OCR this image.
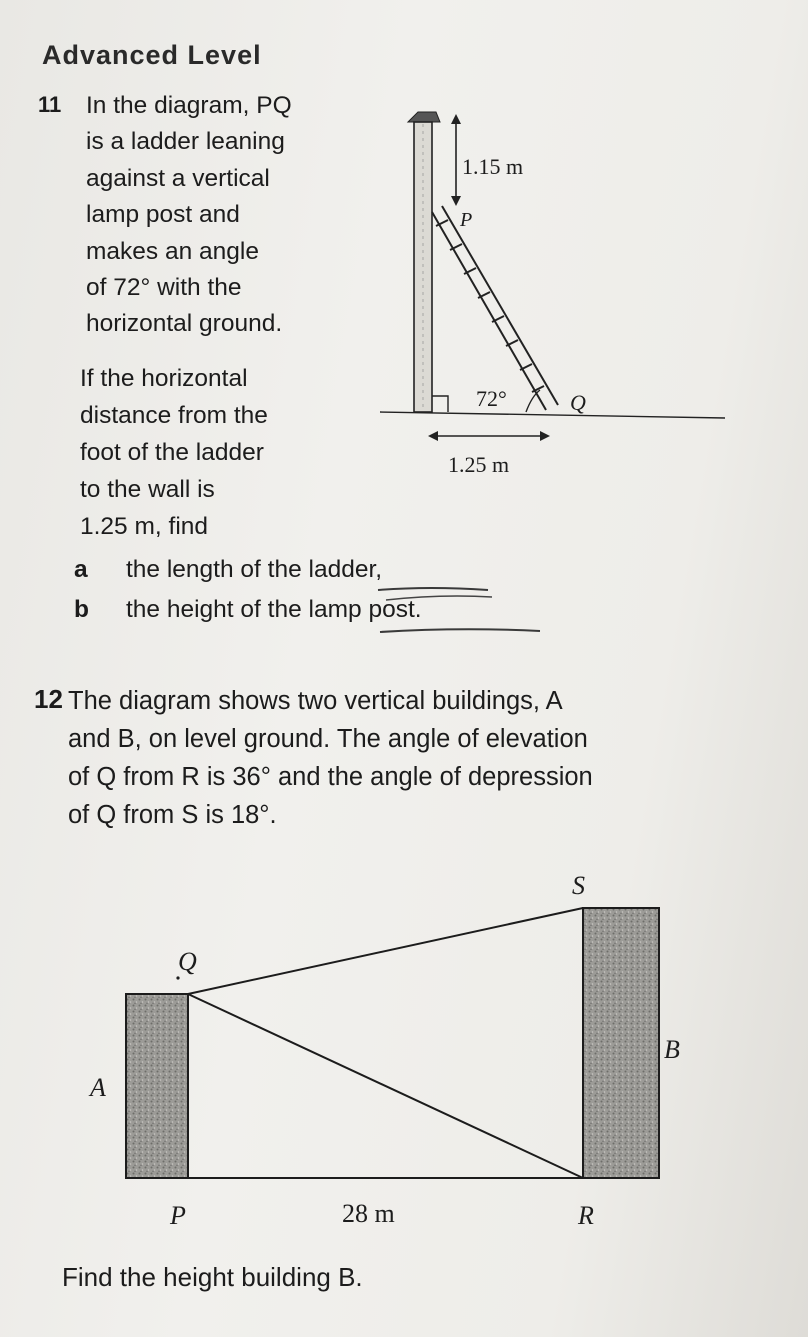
Advanced Level
11 In the diagram, PQ
is a ladder leaning
against a vertical
lamp post and
makes an angle
of 72° with the
horizontal ground.
If the horizontal
distance from the
foot of the ladder
to the wall is
1.25 m, find
a the length of the ladder,
b the height of the lamp post.
1.15 m
P
72°	Q
1.25 m
12 The diagram shows two vertical buildings, A
and B, on level ground. The angle of elevation
of Q from R is 36° and the angle of depression
of Q from S is 18°.
S
Q
A
B
P	28 m	R
Find the height building B.
